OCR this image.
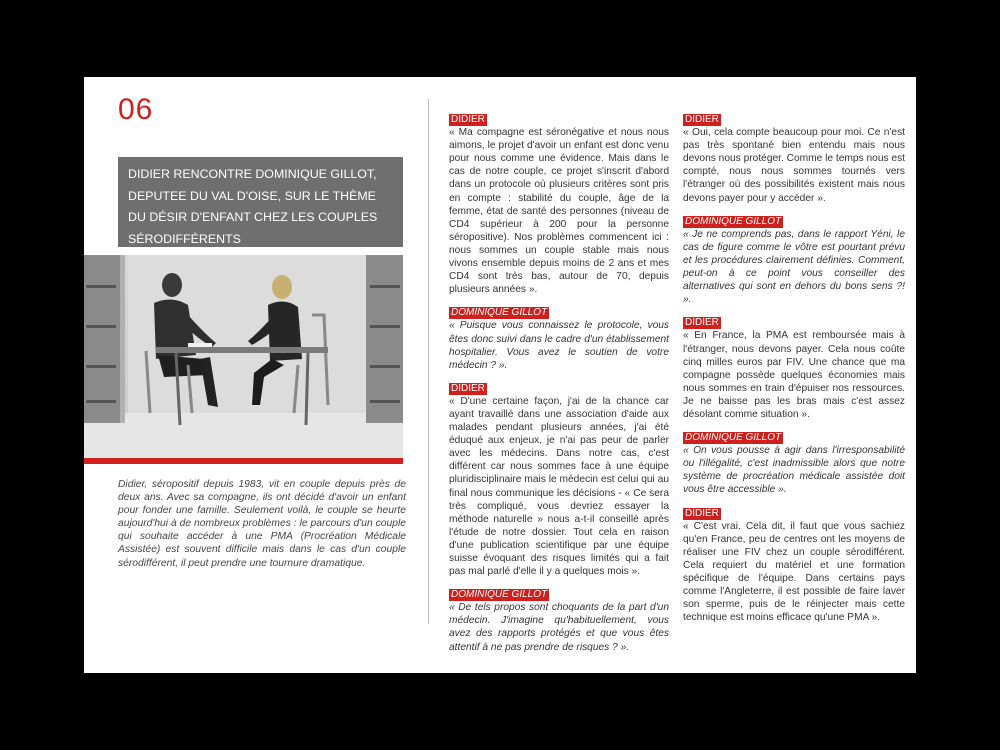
06
DIDIER RENCONTRE DOMINIQUE GILLOT, DEPUTEE DU VAL D'OISE, SUR LE THÈME DU DÉSIR D'ENFANT CHEZ LES COUPLES SÉRODIFFÉRENTS
Didier, séropositif depuis 1983, vit en couple depuis près de deux ans. Avec sa compagne, ils ont décidé d'avoir un enfant pour fonder une famille. Seulement voilà, le couple se heurte aujourd'hui à de nombreux problèmes : le parcours d'un couple qui souhaite accéder à une PMA (Procréation Médicale Assistée) est souvent difficile mais dans le cas d'un couple sérodifférent, il peut prendre une tournure dramatique.
DIDIER
« Ma compagne est séronégative et nous nous aimons, le projet d'avoir un enfant est donc venu pour nous comme une évidence. Mais dans le cas de notre couple, ce projet s'inscrit d'abord dans un protocole où plusieurs critères sont pris en compte : stabilité du couple, âge de la femme, état de santé des personnes (niveau de CD4 supérieur à 200 pour la personne séropositive). Nos problèmes commencent ici : nous sommes un couple stable mais nous vivons ensemble depuis moins de 2 ans et mes CD4 sont très bas, autour de 70, depuis plusieurs années ».
DOMINIQUE GILLOT
« Puisque vous connaissez le protocole, vous êtes donc suivi dans le cadre d'un établissement hospitalier. Vous avez le soutien de votre médecin ? ».
DIDIER
« D'une certaine façon, j'ai de la chance car ayant travaillé dans une association d'aide aux malades pendant plusieurs années, j'ai été éduqué aux enjeux, je n'ai pas peur de parler avec les médecins. Dans notre cas, c'est différent car nous sommes face à une équipe pluridisciplinaire mais le médecin est celui qui au final nous communique les décisions - « Ce sera très compliqué, vous devriez essayer la méthode naturelle » nous a-t-il conseillé après l'étude de notre dossier. Tout cela en raison d'une publication scientifique par une équipe suisse évoquant des risques limités qui a fait pas mal parlé d'elle il y a quelques mois ».
DOMINIQUE GILLOT
« De tels propos sont choquants de la part d'un médecin. J'imagine qu'habituellement, vous avez des rapports protégés et que vous êtes attentif à ne pas prendre de risques ? ».
DIDIER
« Oui, cela compte beaucoup pour moi. Ce n'est pas très spontané bien entendu mais nous devons nous protéger. Comme le temps nous est compté, nous nous sommes tournés vers l'étranger où des possibilités existent mais nous devons payer pour y accéder ».
DOMINIQUE GILLOT
« Je ne comprends pas, dans le rapport Yéni, le cas de figure comme le vôtre est pourtant prévu et les procédures clairement définies. Comment, peut-on à ce point vous conseiller des alternatives qui sont en dehors du bons sens ?! ».
DIDIER
« En France, la PMA est remboursée mais à l'étranger, nous devons payer. Cela nous coûte cinq milles euros par FIV. Une chance que ma compagne possède quelques économies mais nous sommes en train d'épuiser nos ressources. Je ne baisse pas les bras mais c'est assez désolant comme situation ».
DOMINIQUE GILLOT
« On vous pousse à agir dans l'irresponsabilité ou l'illégalité, c'est inadmissible alors que notre système de procréation médicale assistée doit vous être accessible ».
DIDIER
« C'est vrai. Cela dit, il faut que vous sachiez qu'en France, peu de centres ont les moyens de réaliser une FIV chez un couple sérodifférent. Cela requiert du matériel et une formation spécifique de l'équipe. Dans certains pays comme l'Angleterre, il est possible de faire laver son sperme, puis de le réinjecter mais cette technique est moins efficace qu'une PMA ».
